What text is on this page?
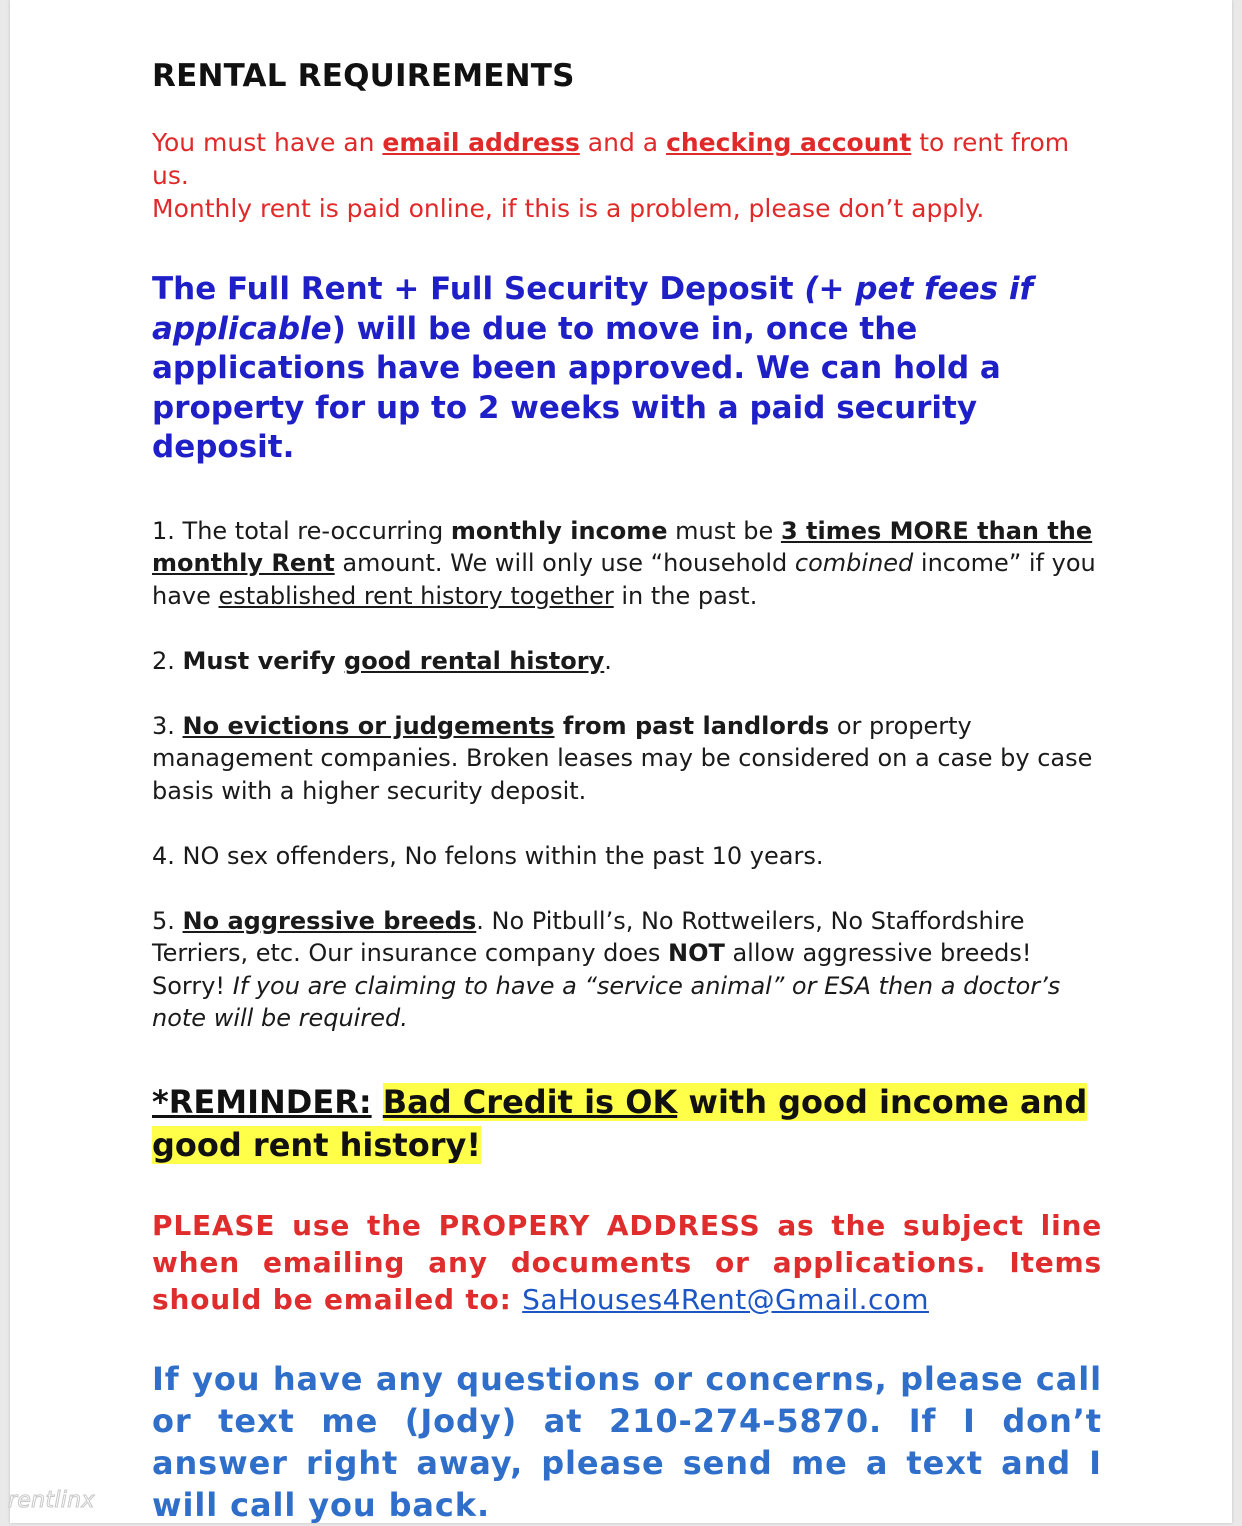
RENTAL REQUIREMENTS
You must have an email address and a checking account to rent from us.
Monthly rent is paid online, if this is a problem, please don’t apply.
The Full Rent + Full Security Deposit (+ pet fees if applicable) will be due to move in, once the applications have been approved. We can hold a property for up to 2 weeks with a paid security deposit.

1. The total re-occurring monthly income must be 3 times MORE than the monthly Rent amount. We will only use “household combined income” if you have established rent history together in the past.

2. Must verify good rental history.

3. No evictions or judgements from past landlords or property management companies. Broken leases may be considered on a case by case basis with a higher security deposit.

4. NO sex offenders, No felons within the past 10 years.

5. No aggressive breeds. No Pitbull’s, No Rottweilers, No Staffordshire Terriers, etc. Our insurance company does NOT allow aggressive breeds! Sorry! If you are claiming to have a “service animal” or ESA then a doctor’s note will be required.

*REMINDER: Bad Credit is OK with good income and good rent history!
PLEASE use the PROPERY ADDRESS as the subject line when emailing any documents or applications. Items should be emailed to: SaHouses4Rent@Gmail.com
If you have any questions or concerns, please call or text me (Jody) at 210-274-5870. If I don’t answer right away, please send me a text and I will call you back.
rentlinx
